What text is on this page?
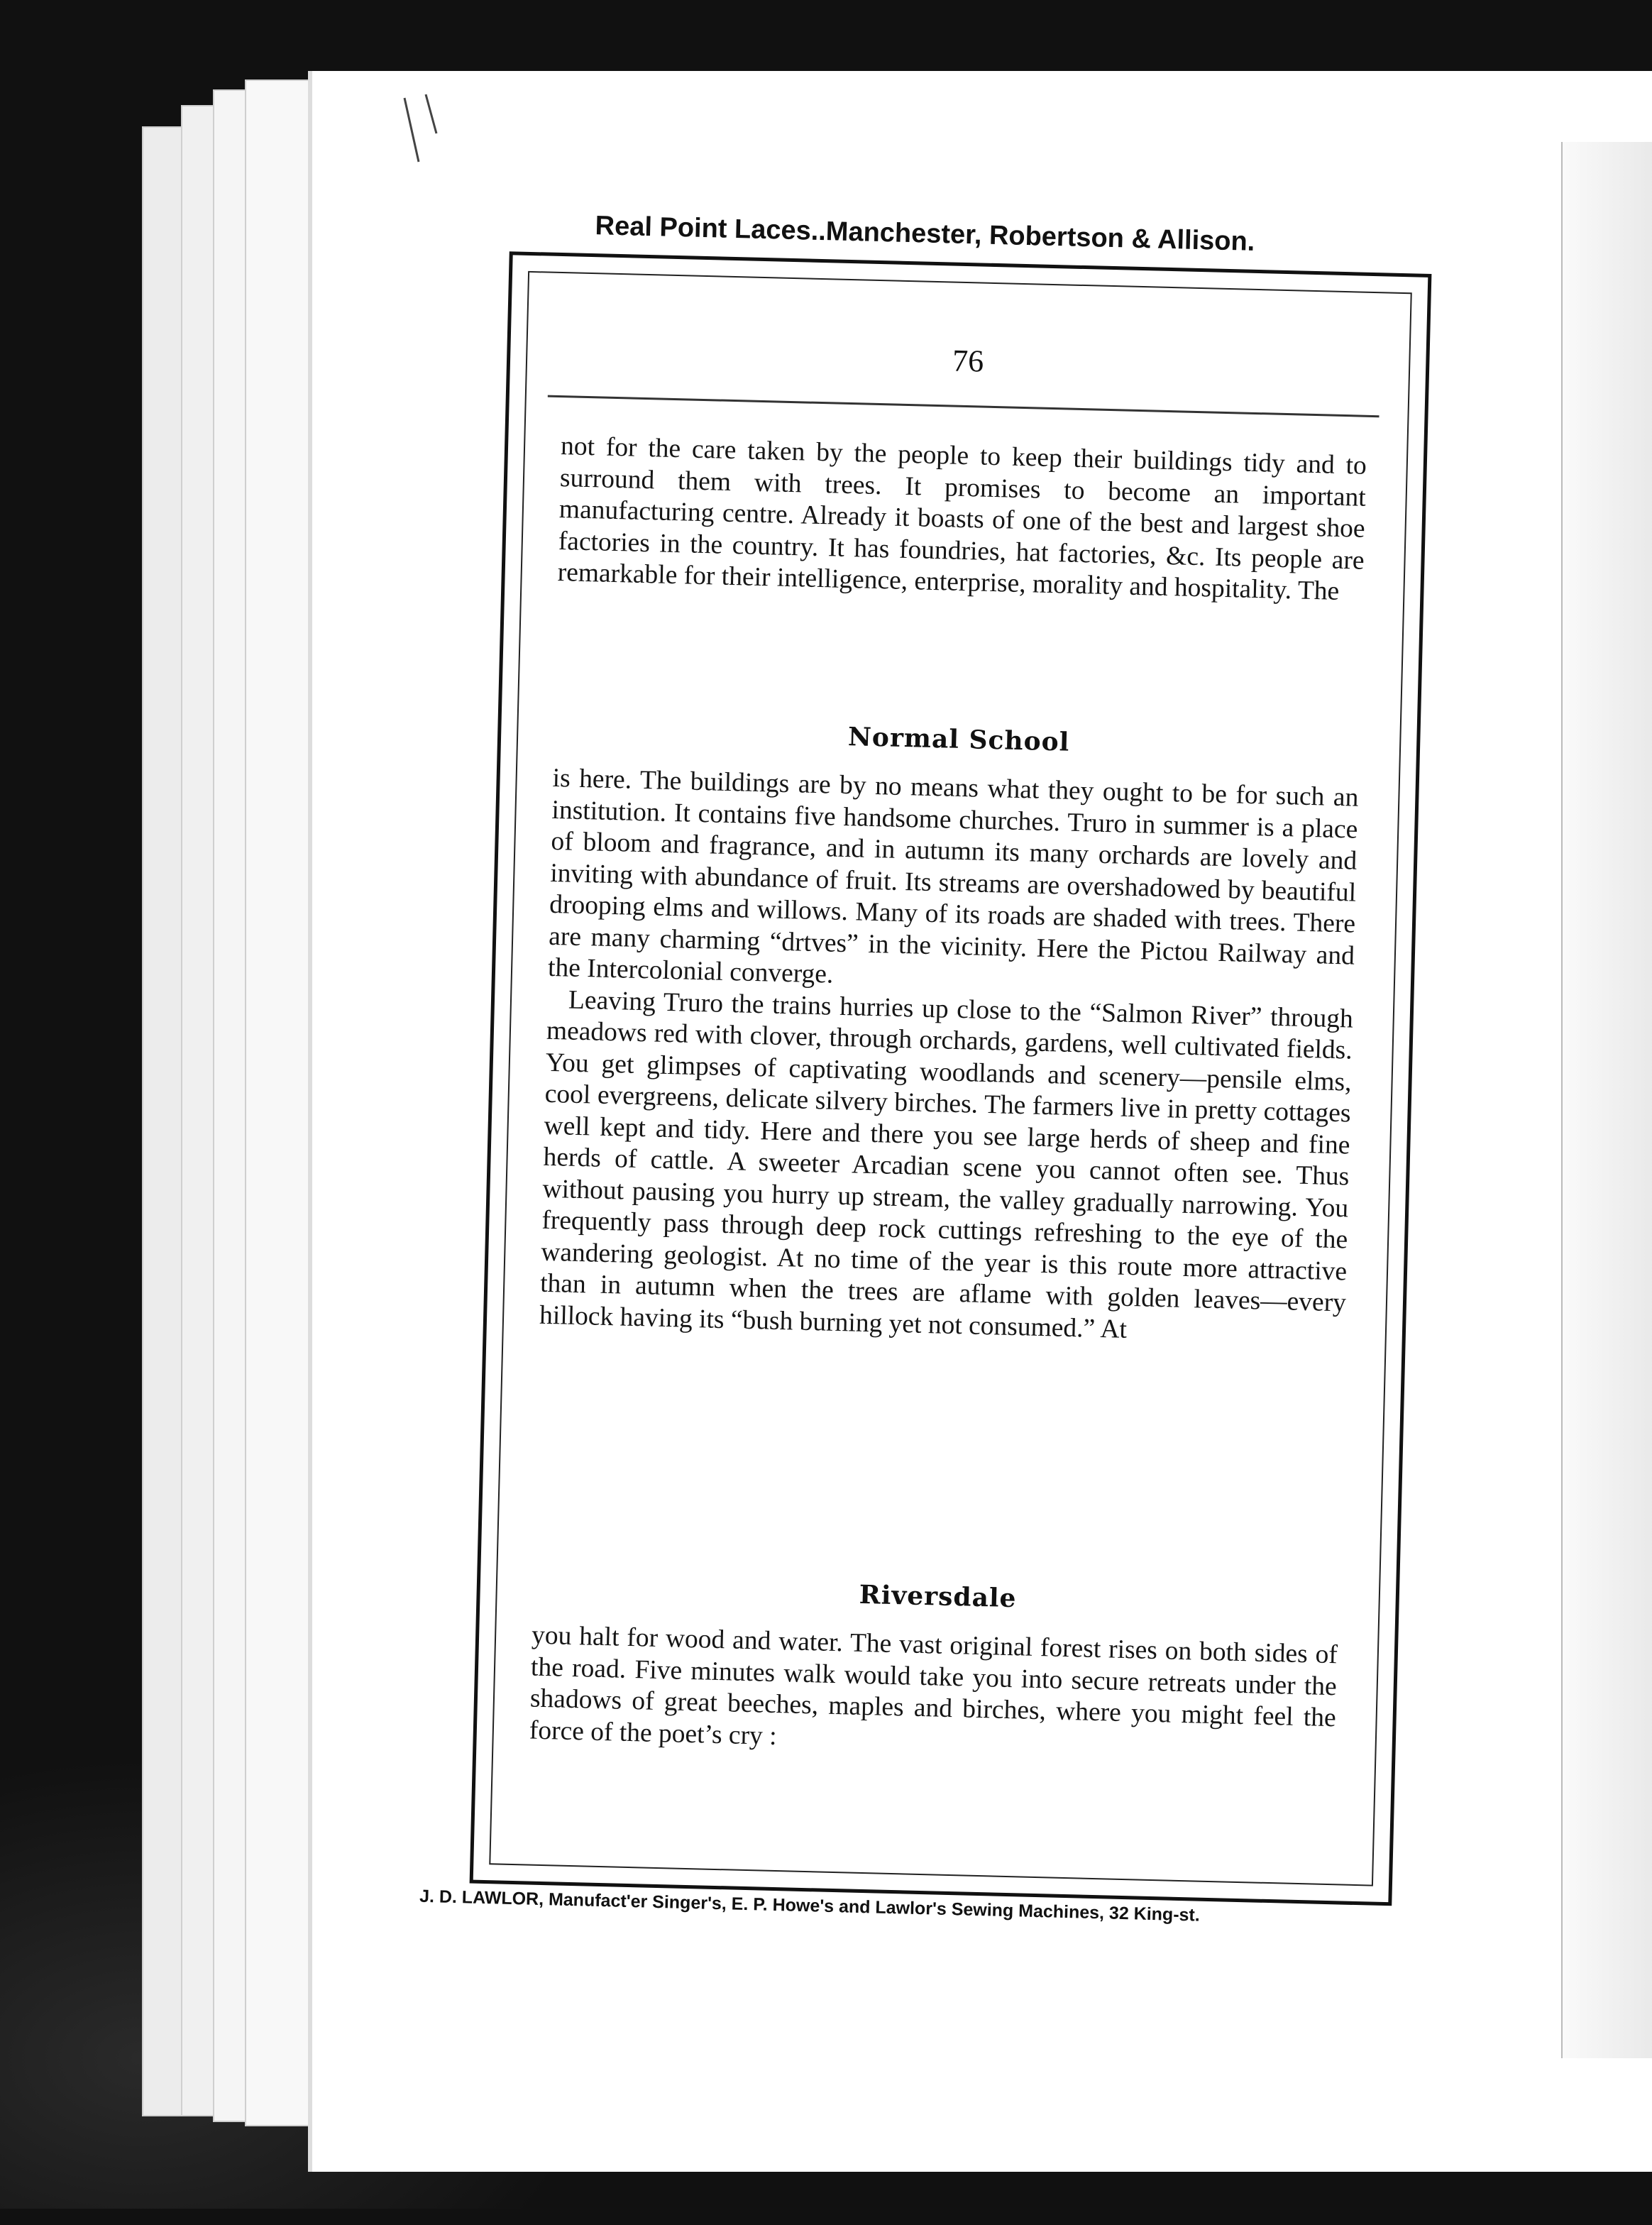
Real Point Laces..Manchester, Robertson & Allison.
76

not for the care taken by the people to keep their buildings tidy and to surround them with trees. It promises to become an important manufacturing centre. Already it boasts of one of the best and largest shoe factories in the country. It has foundries, hat factories, &c. Its people are remarkable for their intelligence, enterprise, morality and hospitality. The

Normal School

is here. The buildings are by no means what they ought to be for such an institution. It contains five handsome churches. Truro in summer is a place of bloom and fragrance, and in autumn its many orchards are lovely and inviting with abundance of fruit. Its streams are overshadowed by beautiful drooping elms and willows. Many of its roads are shaded with trees. There are many charming “drtves” in the vicinity. Here the Pictou Railway and the Intercolonial converge.

Leaving Truro the trains hurries up close to the “Salmon River” through meadows red with clover, through orchards, gardens, well cultivated fields. You get glimpses of captivating woodlands and scenery—pensile elms, cool evergreens, delicate silvery birches. The farmers live in pretty cottages well kept and tidy. Here and there you see large herds of sheep and fine herds of cattle. A sweeter Arcadian scene you cannot often see. Thus without pausing you hurry up stream, the valley gradually narrowing. You frequently pass through deep rock cuttings refreshing to the eye of the wandering geologist. At no time of the year is this route more attractive than in autumn when the trees are aflame with golden leaves—every hillock having its “bush burning yet not consumed.” At

Riversdale

you halt for wood and water. The vast original forest rises on both sides of the road. Five minutes walk would take you into secure retreats under the shadows of great beeches, maples and birches, where you might feel the force of the poet’s cry :

J. D. LAWLOR, Manufact'er Singer's, E. P. Howe's and Lawlor's Sewing Machines, 32 King-st.
